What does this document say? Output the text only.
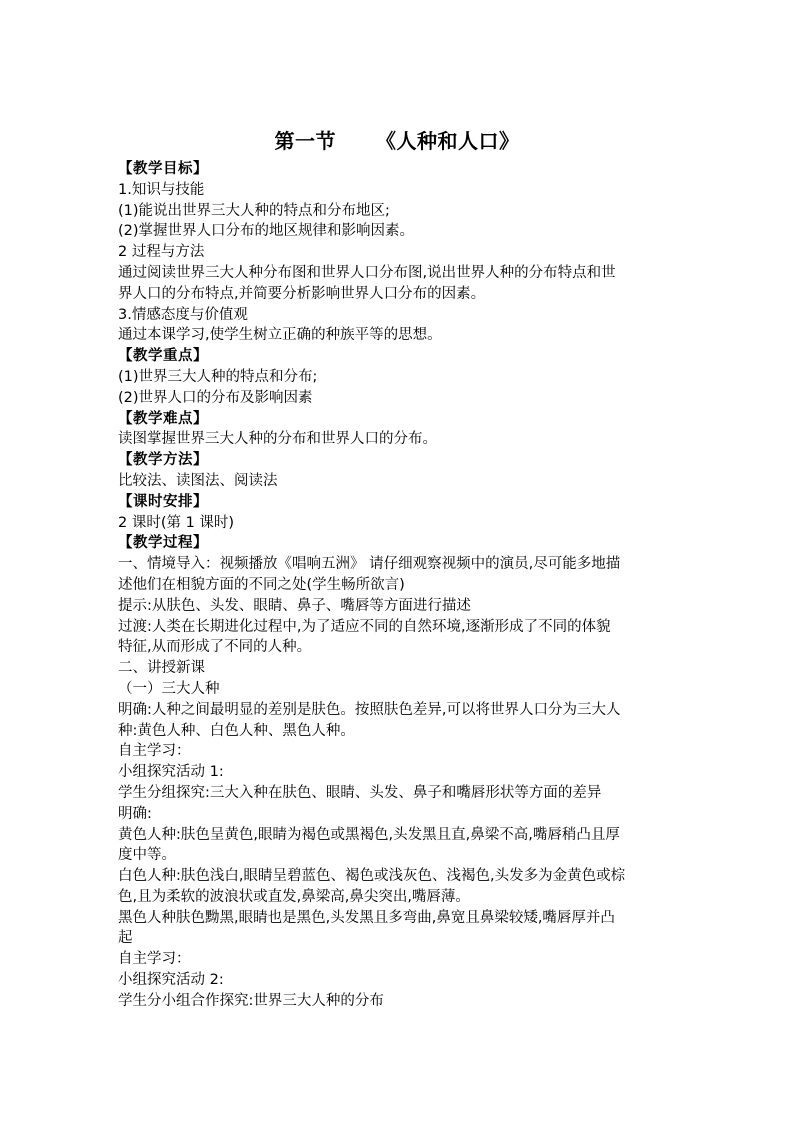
第一节 《人种和人口》
【教学目标】
1.知识与技能
(1)能说出世界三大人种的特点和分布地区;
(2)掌握世界人口分布的地区规律和影响因素。
2 过程与方法
通过阅读世界三大人种分布图和世界人口分布图,说出世界人种的分布特点和世
界人口的分布特点,并简要分析影响世界人口分布的因素。
3.情感态度与价值观
通过本课学习,使学生树立正确的种族平等的思想。
【教学重点】
(1)世界三大人种的特点和分布;
(2)世界人口的分布及影响因素
【教学难点】
读图掌握世界三大人种的分布和世界人口的分布。
【教学方法】
比较法、读图法、阅读法
【课时安排】
2 课时(第 1 课时)
【教学过程】
一、情境导入：视频播放《唱响五洲》 请仔细观察视频中的演员,尽可能多地描
述他们在相貌方面的不同之处(学生畅所欲言)
提示:从肤色、头发、眼睛、鼻子、嘴唇等方面进行描述
过渡:人类在长期进化过程中,为了适应不同的自然环境,逐渐形成了不同的体貌
特征,从而形成了不同的人种。
二、讲授新课
（一）三大人种
明确:人种之间最明显的差别是肤色。按照肤色差异,可以将世界人口分为三大人
种:黄色人种、白色人种、黑色人种。
自主学习：
小组探究活动 1:
学生分组探究:三大入种在肤色、眼睛、头发、鼻子和嘴唇形状等方面的差异
明确:
黄色人种:肤色呈黄色,眼睛为褐色或黑褐色,头发黑且直,鼻梁不高,嘴唇稍凸且厚
度中等。
白色人种:肤色浅白,眼睛呈碧蓝色、褐色或浅灰色、浅褐色,头发多为金黄色或棕
色,且为柔软的波浪状或直发,鼻梁高,鼻尖突出,嘴唇薄。
黑色人种肤色黝黑,眼睛也是黑色,头发黑且多弯曲,鼻宽且鼻梁较矮,嘴唇厚并凸
起
自主学习：
小组探究活动 2:
学生分小组合作探究:世界三大人种的分布
